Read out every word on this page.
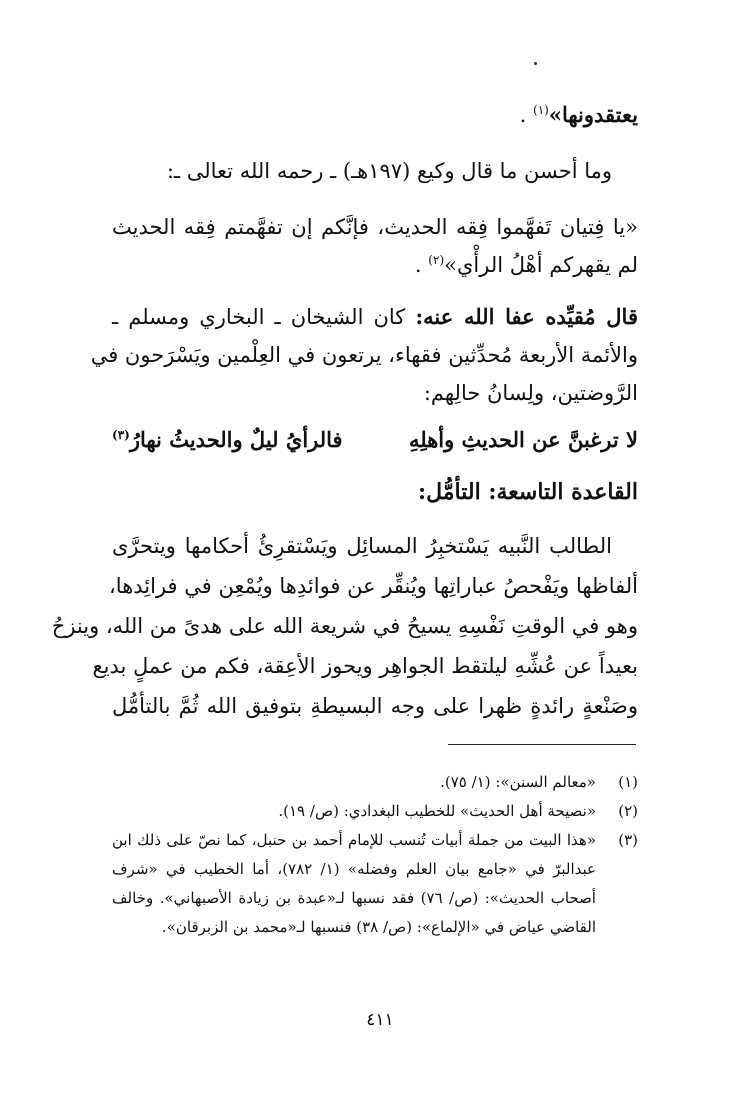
يعتقدونها»$^{(١)}$ .
وما أحسن ما قال وكيع (١٩٧هـ) ـ رحمه الله تعالى ـ:
«يا فِتيان تَفهَّموا فِقه الحديث، فإنَّكم إن تفهَّمتم فِقه الحديث
لم يقهركم أهْلُ الرأْي»$^{(٢)}$ .
قال مُقيِّده عفا الله عنه: كان الشيخان ـ البخاري ومسلم ـ
والأئمة الأربعة مُحدِّثين فقهاء، يرتعون في العِلْمين ويَسْرَحون في
الرَّوضتين، ولِسانُ حالِهم:
لا ترغبنَّ عن الحديثِ وأهلِهِ
فالرأيُ ليلٌ والحديثُ نهارُ$^{(٣)}$
القاعدة التاسعة: التأمُّل:
الطالب النَّبيه يَسْتخبِرُ المسائِل ويَسْتقرِئُ أحكامها ويتحرَّى
ألفاظها ويَفْحصُ عباراتِها ويُنقِّر عن فوائدِها ويُمْعِن في فرائِدها،
وهو في الوقتِ نَفْسِهِ يسيحُ في شريعة الله على هدىً من الله، وينزحُ
بعيداً عن عُشِّهِ ليلتقط الجواهِر ويحوز الأعِقة، فكم من عملٍ بديع
وصَنْعةٍ رائدةٍ ظهرا على وجه البسيطةِ بتوفيق الله ثُمَّ بالتأمُّل
(١)
«معالم السنن»: (١/ ٧٥).
(٢)
«نصيحة أهل الحديث» للخطيب البغدادي: (ص/ ١٩).
(٣)
«هذا البيت من جملة أبيات تُنسب للإمام أحمد بن حنبل، كما نصّ على ذلك ابن عبدالبرّ في «جامع بيان العلم وفضله» (١/ ٧٨٢)، أما الخطيب في «شرف أصحاب الحديث»: (ص/ ٧٦) فقد نسبها لـ«عبدة بن زيادة الأصبهاني». وخالف القاضي عياض في «الإلماع»: (ص/ ٣٨) فنسبها لـ«محمد بن الزبرقان».
٤١١
